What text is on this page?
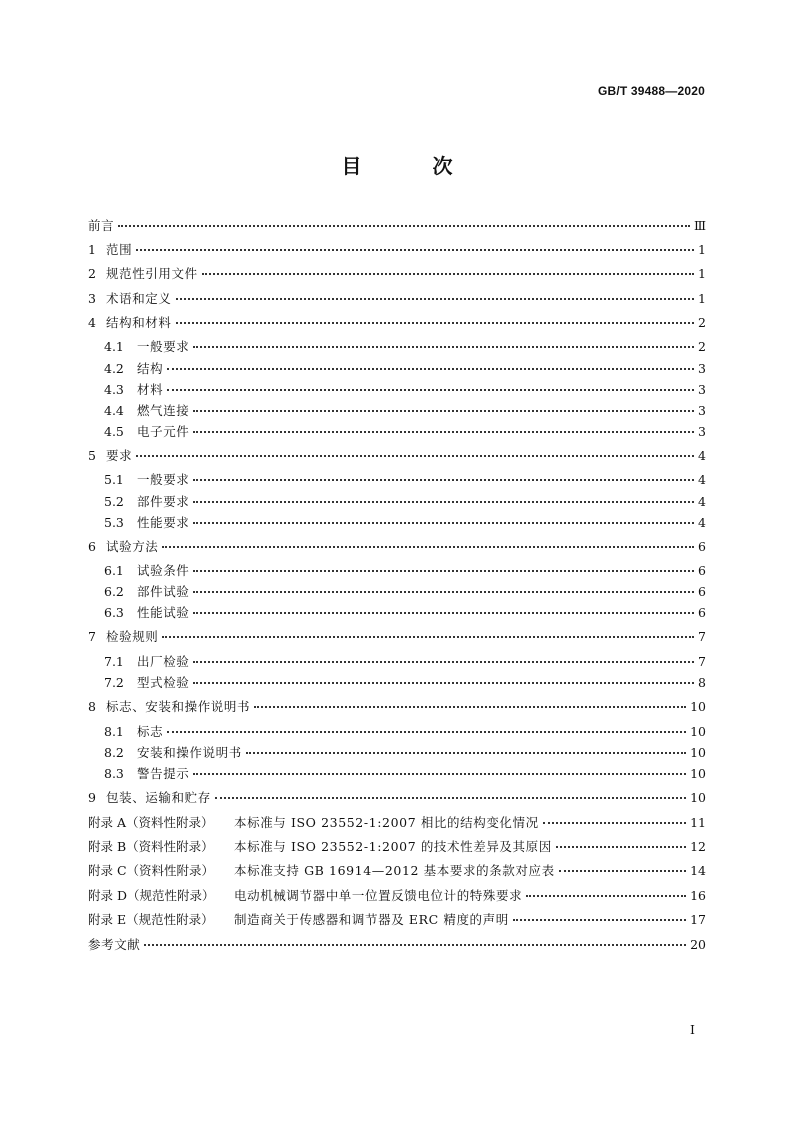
GB/T 39488—2020
目 次
前言	Ⅲ
1 范围	1
2 规范性引用文件	1
3 术语和定义	1
4 结构和材料	2
4.1	一般要求	2
4.2	结构	3
4.3	材料	3
4.4	燃气连接	3
4.5	电子元件	3
5 要求	4
5.1	一般要求	4
5.2	部件要求	4
5.3	性能要求	4
6 试验方法	6
6.1	试验条件	6
6.2	部件试验	6
6.3	性能试验	6
7 检验规则	7
7.1	出厂检验	7
7.2	型式检验	8
8 标志、安装和操作说明书	10
8.1	标志	10
8.2	安装和操作说明书	10
8.3	警告提示	10
9 包装、运输和贮存	10
附录 A（资料性附录）	本标准与 ISO 23552-1:2007 相比的结构变化情况	11
附录 B（资料性附录）	本标准与 ISO 23552-1:2007 的技术性差异及其原因	12
附录 C（资料性附录）	本标准支持 GB 16914—2012 基本要求的条款对应表	14
附录 D（规范性附录）	电动机械调节器中单一位置反馈电位计的特殊要求	16
附录 E（规范性附录）	制造商关于传感器和调节器及 ERC 精度的声明	17
参考文献	20
I
